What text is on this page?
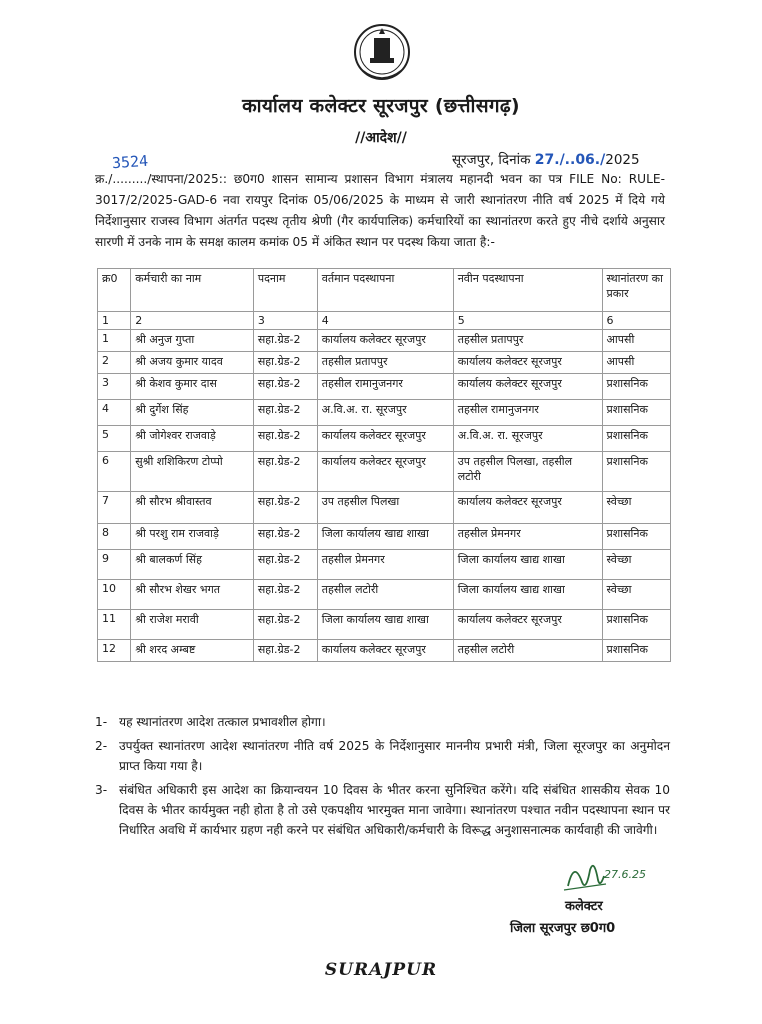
कार्यालय कलेक्टर सूरजपुर (छत्तीसगढ़)
//आदेश//
3524	सूरजपुर, दिनांक 27./..06./2025
क्र./........./स्थापना/2025:: छ0ग0 शासन सामान्य प्रशासन विभाग मंत्रालय महानदी भवन का पत्र FILE No: RULE-3017/2/2025-GAD-6 नवा रायपुर दिनांक 05/06/2025 के माध्यम से जारी स्थानांतरण नीति वर्ष 2025 में दिये गये निर्देशानुसार राजस्व विभाग अंतर्गत पदस्थ तृतीय श्रेणी (गैर कार्यपालिक) कर्मचारियों का स्थानांतरण करते हुए नीचे दर्शाये अनुसार सारणी में उनके नाम के समक्ष कालम कमांक 05 में अंकित स्थान पर पदस्थ किया जाता है:-
क्र0	कर्मचारी का नाम	पदनाम	वर्तमान पदस्थापना	नवीन पदस्थापना	स्थानांतरण का प्रकार
1	2	3	4	5	6
1	श्री अनुज गुप्ता	सहा.ग्रेड-2	कार्यालय कलेक्टर सूरजपुर	तहसील प्रतापपुर	आपसी
2	श्री अजय कुमार यादव	सहा.ग्रेड-2	तहसील प्रतापपुर	कार्यालय कलेक्टर सूरजपुर	आपसी
3	श्री केशव कुमार दास	सहा.ग्रेड-2	तहसील रामानुजनगर	कार्यालय कलेक्टर सूरजपुर	प्रशासनिक
4	श्री दुर्गेश सिंह	सहा.ग्रेड-2	अ.वि.अ. रा. सूरजपुर	तहसील रामानुजनगर	प्रशासनिक
5	श्री जोगेश्वर राजवाड़े	सहा.ग्रेड-2	कार्यालय कलेक्टर सूरजपुर	अ.वि.अ. रा. सूरजपुर	प्रशासनिक
6	सुश्री शशिकिरण टोप्पो	सहा.ग्रेड-2	कार्यालय कलेक्टर सूरजपुर	उप तहसील पिलखा, तहसील लटोरी	प्रशासनिक
7	श्री सौरभ श्रीवास्तव	सहा.ग्रेड-2	उप तहसील पिलखा	कार्यालय कलेक्टर सूरजपुर	स्वेच्छा
8	श्री परशु राम राजवाड़े	सहा.ग्रेड-2	जिला कार्यालय खाद्य शाखा	तहसील प्रेमनगर	प्रशासनिक
9	श्री बालकर्ण सिंह	सहा.ग्रेड-2	तहसील प्रेमनगर	जिला कार्यालय खाद्य शाखा	स्वेच्छा
10	श्री सौरभ शेखर भगत	सहा.ग्रेड-2	तहसील लटोरी	जिला कार्यालय खाद्य शाखा	स्वेच्छा
11	श्री राजेश मरावी	सहा.ग्रेड-2	जिला कार्यालय खाद्य शाखा	कार्यालय कलेक्टर सूरजपुर	प्रशासनिक
12	श्री शरद अम्बष्ट	सहा.ग्रेड-2	कार्यालय कलेक्टर सूरजपुर	तहसील लटोरी	प्रशासनिक
1- यह स्थानांतरण आदेश तत्काल प्रभावशील होगा।
2- उपर्युक्त स्थानांतरण आदेश स्थानांतरण नीति वर्ष 2025 के निर्देशानुसार माननीय प्रभारी मंत्री, जिला सूरजपुर का अनुमोदन प्राप्त किया गया है।
3- संबंधित अधिकारी इस आदेश का क्रियान्वयन 10 दिवस के भीतर करना सुनिश्चित करेंगे। यदि संबंधित शासकीय सेवक 10 दिवस के भीतर कार्यमुक्त नही होता है तो उसे एकपक्षीय भारमुक्त माना जावेगा। स्थानांतरण पश्चात नवीन पदस्थापना स्थान पर निर्धारित अवधि में कार्यभार ग्रहण नही करने पर संबंधित अधिकारी/कर्मचारी के विरूद्ध अनुशासनात्मक कार्यवाही की जावेगी।
27.6.25
कलेक्टर
जिला सूरजपुर छ0ग0
SURAJPUR
